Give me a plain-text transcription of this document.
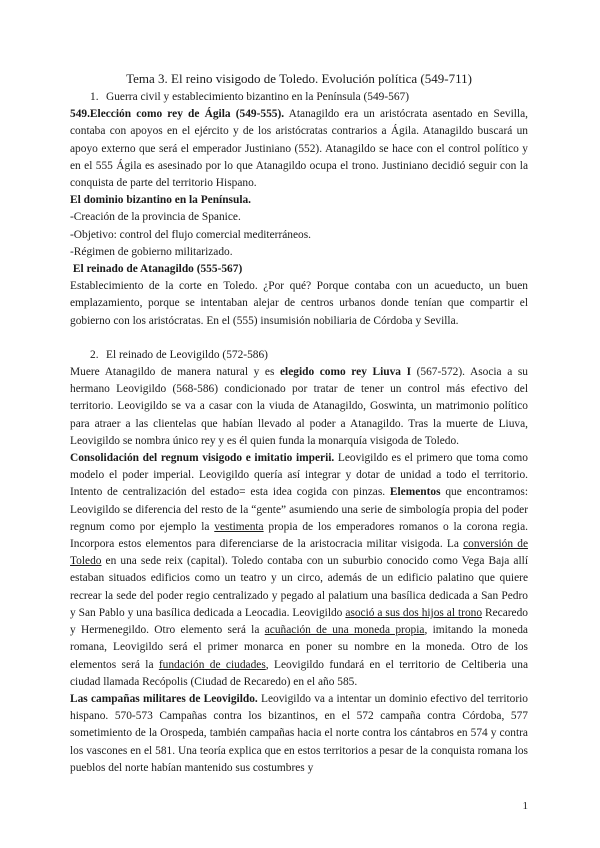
Tema 3. El reino visigodo de Toledo. Evolución política (549-711)

1. Guerra civil y establecimiento bizantino en la Península (549-567)

549.Elección como rey de Ágila (549-555). Atanagildo era un aristócrata asentado en Sevilla, contaba con apoyos en el ejército y de los aristócratas contrarios a Ágila. Atanagildo buscará un apoyo externo que será el emperador Justiniano (552). Atanagildo se hace con el control político y en el 555 Ágila es asesinado por lo que Atanagildo ocupa el trono. Justiniano decidió seguir con la conquista de parte del territorio Hispano.

El dominio bizantino en la Península.

-Creación de la provincia de Spanice.

-Objetivo: control del flujo comercial mediterráneos.

-Régimen de gobierno militarizado.

El reinado de Atanagildo (555-567)

Establecimiento de la corte en Toledo. ¿Por qué? Porque contaba con un acueducto, un buen emplazamiento, porque se intentaban alejar de centros urbanos donde tenían que compartir el gobierno con los aristócratas. En el (555) insumisión nobiliaria de Córdoba y Sevilla.

2. El reinado de Leovigildo (572-586)

Muere Atanagildo de manera natural y es elegido como rey Liuva I (567-572). Asocia a su hermano Leovigildo (568-586) condicionado por tratar de tener un control más efectivo del territorio. Leovigildo se va a casar con la viuda de Atanagildo, Goswinta, un matrimonio político para atraer a las clientelas que habían llevado al poder a Atanagildo. Tras la muerte de Liuva, Leovigildo se nombra único rey y es él quien funda la monarquía visigoda de Toledo.

Consolidación del regnum visigodo e imitatio imperii. Leovigildo es el primero que toma como modelo el poder imperial. Leovigildo quería así integrar y dotar de unidad a todo el territorio. Intento de centralización del estado= esta idea cogida con pinzas. Elementos que encontramos: Leovigildo se diferencia del resto de la “gente” asumiendo una serie de simbología propia del poder regnum como por ejemplo la vestimenta propia de los emperadores romanos o la corona regia. Incorpora estos elementos para diferenciarse de la aristocracia militar visigoda. La conversión de Toledo en una sede reix (capital). Toledo contaba con un suburbio conocido como Vega Baja allí estaban situados edificios como un teatro y un circo, además de un edificio palatino que quiere recrear la sede del poder regio centralizado y pegado al palatium una basílica dedicada a San Pedro y San Pablo y una basílica dedicada a Leocadia. Leovigildo asoció a sus dos hijos al trono Recaredo y Hermenegildo. Otro elemento será la acuñación de una moneda propia, imitando la moneda romana, Leovigildo será el primer monarca en poner su nombre en la moneda. Otro de los elementos será la fundación de ciudades, Leovigildo fundará en el territorio de Celtiberia una ciudad llamada Recópolis (Ciudad de Recaredo) en el año 585.

Las campañas militares de Leovigildo. Leovigildo va a intentar un dominio efectivo del territorio hispano. 570-573 Campañas contra los bizantinos, en el 572 campaña contra Córdoba, 577 sometimiento de la Orospeda, también campañas hacia el norte contra los cántabros en 574 y contra los vascones en el 581. Una teoría explica que en estos territorios a pesar de la conquista romana los pueblos del norte habían mantenido sus costumbres y

1
